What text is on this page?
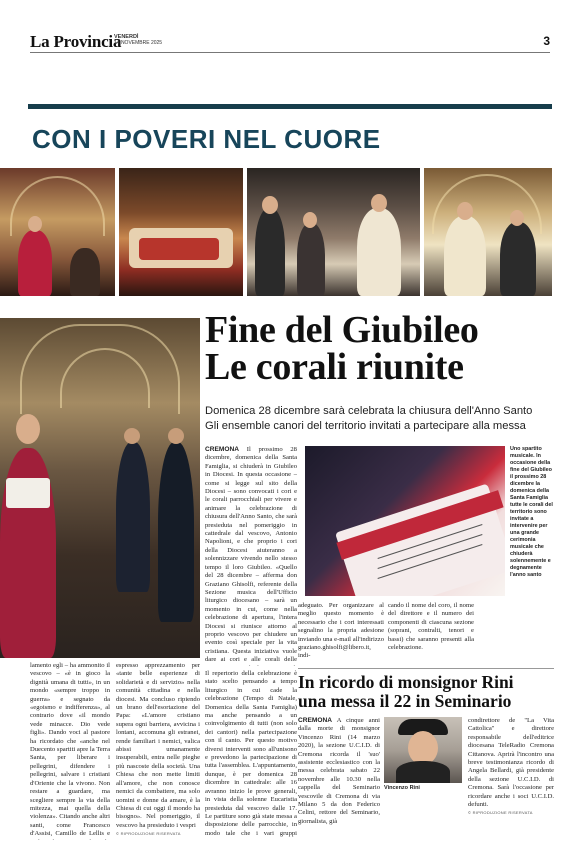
La Provincia
VENERDÌ
14 NOVEMBRE 2025	3
CON I POVERI NEL CUORE
Fine del Giubileo
Le corali riunite
Domenica 28 dicembre sarà celebrata la chiusura dell'Anno Santo
Gli ensemble canori del territorio invitati a partecipare alla messa
CREMONA Il prossimo 28 dicembre, domenica della Santa Famiglia, si chiuderà in Giubileo in Diocesi. In questa occasione – come si legge sul sito della Diocesi – sono convocati i cori e le corali parrocchiali per vivere e animare la celebrazione di chiusura dell'Anno Santo, che sarà presieduta nel pomeriggio in cattedrale dal vescovo, Antonio Napolioni, e che proprio i cori della Diocesi aiuteranno a solennizzare vivendo nello stesso tempo il loro Giubileo. «Quello del 28 dicembre – afferma don Graziano Ghisolfi, referente della Sezione musica dell'Ufficio liturgico diocesano – sarà un momento in cui, come nella celebrazione di apertura, l'intera Diocesi si riunisce attorno al proprio vescovo per chiudere un evento così speciale per la vita cristiana. Questa iniziativa vuole dare ai cori e alle corali delle
Il repertorio della celebrazione è stato scelto pensando a tempo liturgico in cui cade la celebrazione (Tempo di Natale, Domenica della Santa Famiglia) ma anche pensando a un coinvolgimento di tutti (non solo dei cantori) nella partecipazione con il canto. Per questo motivo diversi interventi sono all'unisono e prevedono la partecipazione di tutta l'assemblea. L'appuntamento, dunque, è per domenica 28 dicembre in cattedrale: alle 16 avranno inizio le prove generali, in vista della solenne Eucaristia presieduta dal vescovo dalle 17. Le partiture sono già state messa a disposizione delle parrocchie, in modo tale che i vari gruppi
adeguato. Per organizzare al meglio questo momento è necessario che i cori interessati segnalino la propria adesione inviando una e-mail all'indirizzo graziano.ghisolfi@libero.it, indi-
cando il nome del coro, il nome del direttore e il numero dei componenti di ciascuna sezione (soprani, contralti, tenori e bassi) che saranno presenti alla celebrazione.
Uno spartito musicale. In occasione della fine del Giubileo il prossimo 28 dicembre la domenica della Santa Famiglia tutte le corali del territorio sono invitate a intervenire per una grande cerimonia musicale che chiuderà solennemente e degnamente l'anno santo
lamento egli – ha ammonito il vescovo – «è in gioco la dignità umana di tutti», in un mondo «sempre troppo in guerra» e segnato da «egoismo e indifferenza», al contrario dove «il mondo vede minacce. Dio vede figli». Dando voci al pastore ha ricordato che «anche nel Duecento spartiti apre la Terra Santa, per liberare i pellegrini, difendere i pellegrini, salvare i cristiani d'Oriente che la vivono. Non restare a guardare, ma scegliere sempre la via della mitezza, mai quella della violenza». Citando anche altri santi, come Francesco d'Assisi, Camillo de Lellis e
espresso apprezzamento per «tante belle esperienze di solidarietà e di servizio» nella comunità cittadina e nella diocesi. Ma concluso ripiendo un brano dell'esortazione del Papa: «L'amore cristiano supera ogni barriera, avvicina i lontani, accomuna gli estranei, rende familiari i nemici, valica abissi umanamente insuperabili, entra nelle pieghe più nascoste della società. Una Chiesa che non mette limiti all'amore, che non conosce nemici da combattere, ma solo uomini e donne da amare, è la Chiesa di cui oggi il mondo ha bisogno». Nel pomeriggio, il vescovo ha presieduto i vespri
© RIPRODUZIONE RISERVATA
In ricordo di monsignor Rini
una messa il 22 in Seminario
CREMONA A cinque anni dalla morte di monsignor Vincenzo Rini (14 marzo 2020), la sezione U.C.I.D. di Cremona ricorda il 'suo' assistente ecclesiastico con la messa celebrata sabato 22 novembre alle 10.30 nella cappella del Seminario vescovile di Cremona di via Milano 5 da don Federico Celini, rettore del Seminario, giornalista, già
Vincenzo Rini
condirettore de "La Vita Cattolica" e direttore responsabile dell'editrice diocesana TeleRadio Cremona Cittanova. Aprirà l'incontro una breve testimonianza ricordo di Angela Bellardi, già presidente della sezione U.C.I.D. di Cremona. Sarà l'occasione per ricordare anche i soci U.C.I.D. defunti.
© RIPRODUZIONE RISERVATA
